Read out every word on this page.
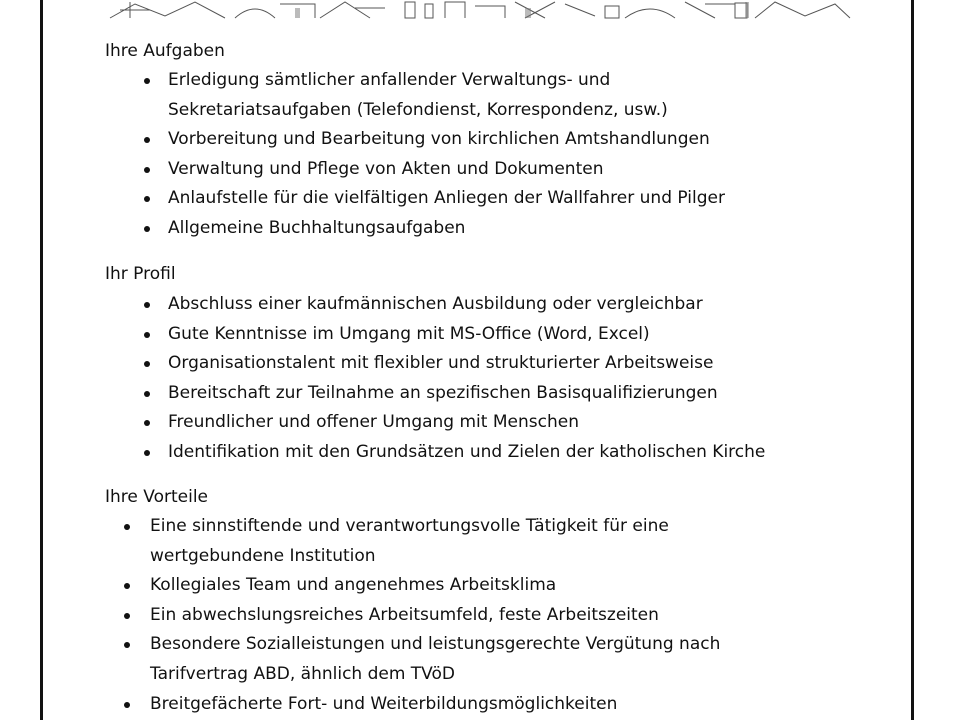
Ihre Aufgaben
Erledigung sämtlicher anfallender Verwaltungs- und
Sekretariatsaufgaben (Telefondienst, Korrespondenz, usw.)
Vorbereitung und Bearbeitung von kirchlichen Amtshandlungen
Verwaltung und Pflege von Akten und Dokumenten
Anlaufstelle für die vielfältigen Anliegen der Wallfahrer und Pilger
Allgemeine Buchhaltungsaufgaben
Ihr Profil
Abschluss einer kaufmännischen Ausbildung oder vergleichbar
Gute Kenntnisse im Umgang mit MS-Office (Word, Excel)
Organisationstalent mit flexibler und strukturierter Arbeitsweise
Bereitschaft zur Teilnahme an spezifischen Basisqualifizierungen
Freundlicher und offener Umgang mit Menschen
Identifikation mit den Grundsätzen und Zielen der katholischen Kirche
Ihre Vorteile
Eine sinnstiftende und verantwortungsvolle Tätigkeit für eine
wertgebundene Institution
Kollegiales Team und angenehmes Arbeitsklima
Ein abwechslungsreiches Arbeitsumfeld, feste Arbeitszeiten
Besondere Sozialleistungen und leistungsgerechte Vergütung nach
Tarifvertrag ABD, ähnlich dem TVöD
Breitgefächerte Fort- und Weiterbildungsmöglichkeiten
